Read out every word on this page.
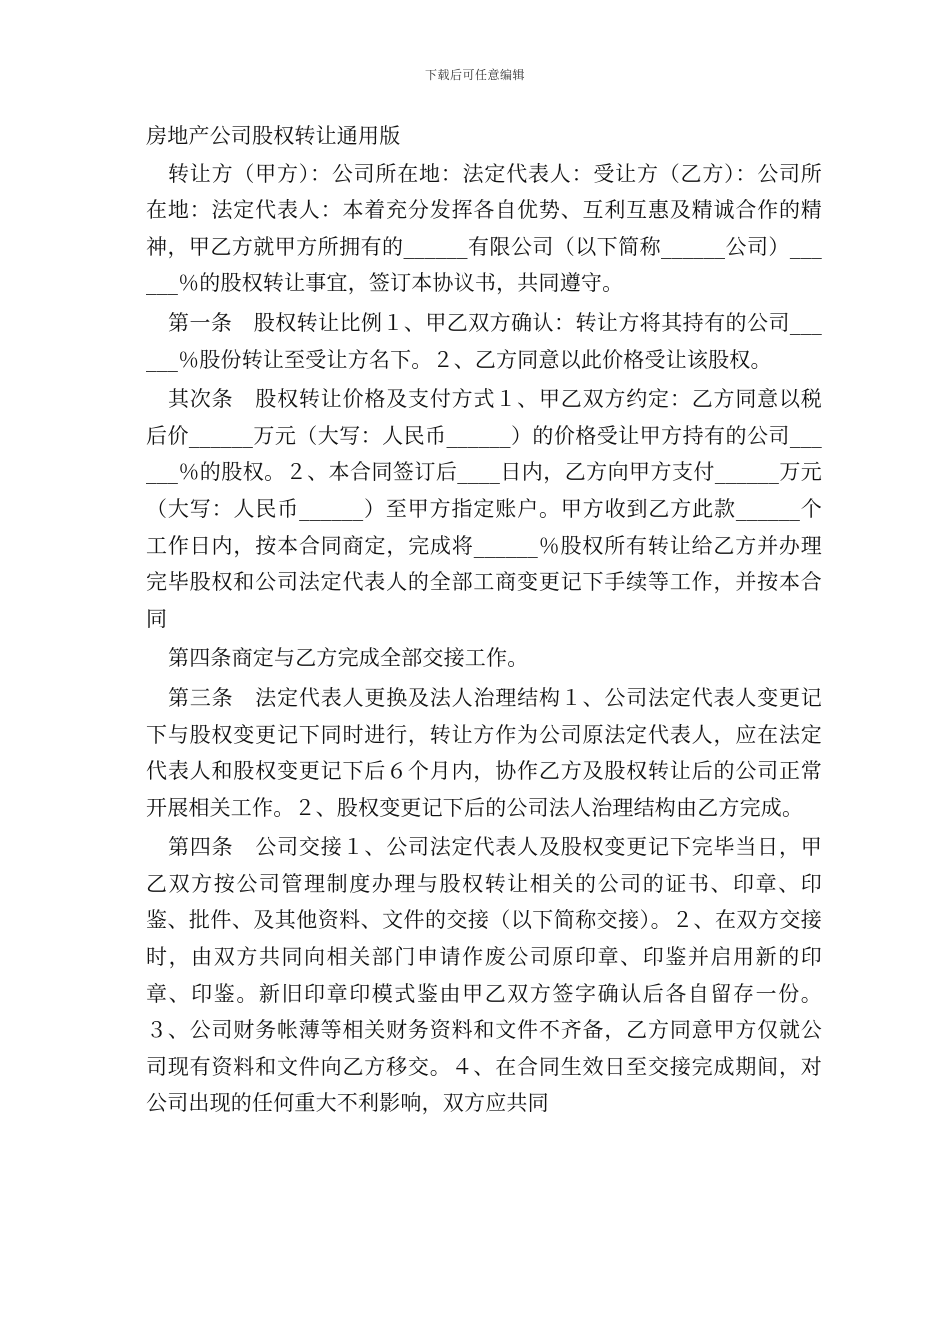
下载后可任意编辑
房地产公司股权转让通用版

转让方（甲方）：公司所在地：法定代表人：受让方（乙方）：公司所在地：法定代表人：本着充分发挥各自优势、互利互惠及精诚合作的精神，甲乙方就甲方所拥有的______有限公司（以下简称______公司）______％的股权转让事宜，签订本协议书，共同遵守。

第一条　股权转让比例１、甲乙双方确认：转让方将其持有的公司______％股份转让至受让方名下。２、乙方同意以此价格受让该股权。

其次条　股权转让价格及支付方式１、甲乙双方约定：乙方同意以税后价______万元（大写：人民币______）的价格受让甲方持有的公司______％的股权。２、本合同签订后____日内，乙方向甲方支付______万元（大写：人民币______）至甲方指定账户。甲方收到乙方此款______个工作日内，按本合同商定，完成将______％股权所有转让给乙方并办理完毕股权和公司法定代表人的全部工商变更记下手续等工作，并按本合同

第四条商定与乙方完成全部交接工作。

第三条　法定代表人更换及法人治理结构１、公司法定代表人变更记下与股权变更记下同时进行，转让方作为公司原法定代表人，应在法定代表人和股权变更记下后６个月内，协作乙方及股权转让后的公司正常开展相关工作。２、股权变更记下后的公司法人治理结构由乙方完成。

第四条　公司交接１、公司法定代表人及股权变更记下完毕当日，甲乙双方按公司管理制度办理与股权转让相关的公司的证书、印章、印鉴、批件、及其他资料、文件的交接（以下简称交接）。２、在双方交接时，由双方共同向相关部门申请作废公司原印章、印鉴并启用新的印章、印鉴。新旧印章印模式鉴由甲乙双方签字确认后各自留存一份。３、公司财务帐薄等相关财务资料和文件不齐备，乙方同意甲方仅就公司现有资料和文件向乙方移交。４、在合同生效日至交接完成期间，对公司出现的任何重大不利影响，双方应共同
